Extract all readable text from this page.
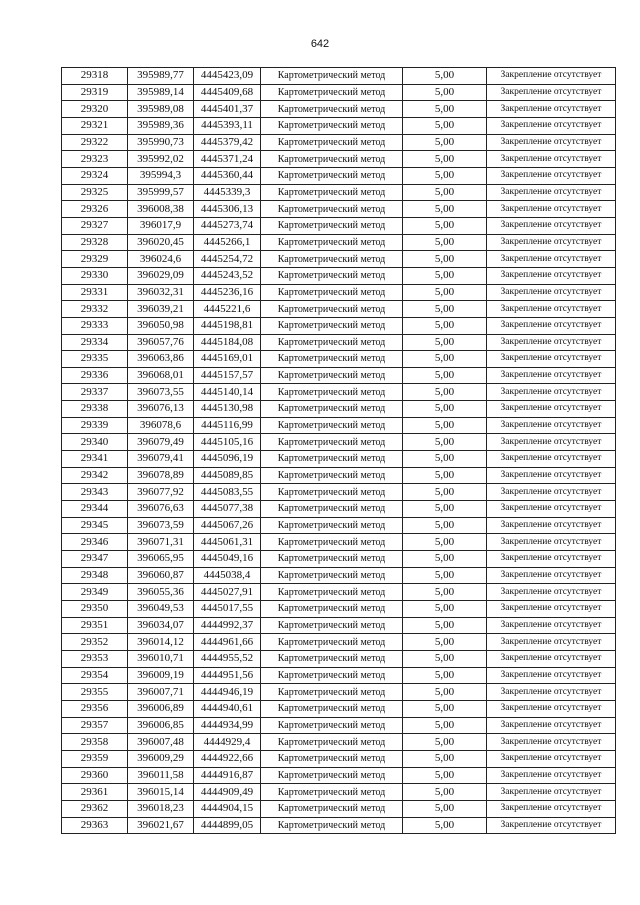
642
29318	395989,77	4445423,09	Картометрический метод	5,00	Закрепление отсутствует
29319	395989,14	4445409,68	Картометрический метод	5,00	Закрепление отсутствует
29320	395989,08	4445401,37	Картометрический метод	5,00	Закрепление отсутствует
29321	395989,36	4445393,11	Картометрический метод	5,00	Закрепление отсутствует
29322	395990,73	4445379,42	Картометрический метод	5,00	Закрепление отсутствует
29323	395992,02	4445371,24	Картометрический метод	5,00	Закрепление отсутствует
29324	395994,3	4445360,44	Картометрический метод	5,00	Закрепление отсутствует
29325	395999,57	4445339,3	Картометрический метод	5,00	Закрепление отсутствует
29326	396008,38	4445306,13	Картометрический метод	5,00	Закрепление отсутствует
29327	396017,9	4445273,74	Картометрический метод	5,00	Закрепление отсутствует
29328	396020,45	4445266,1	Картометрический метод	5,00	Закрепление отсутствует
29329	396024,6	4445254,72	Картометрический метод	5,00	Закрепление отсутствует
29330	396029,09	4445243,52	Картометрический метод	5,00	Закрепление отсутствует
29331	396032,31	4445236,16	Картометрический метод	5,00	Закрепление отсутствует
29332	396039,21	4445221,6	Картометрический метод	5,00	Закрепление отсутствует
29333	396050,98	4445198,81	Картометрический метод	5,00	Закрепление отсутствует
29334	396057,76	4445184,08	Картометрический метод	5,00	Закрепление отсутствует
29335	396063,86	4445169,01	Картометрический метод	5,00	Закрепление отсутствует
29336	396068,01	4445157,57	Картометрический метод	5,00	Закрепление отсутствует
29337	396073,55	4445140,14	Картометрический метод	5,00	Закрепление отсутствует
29338	396076,13	4445130,98	Картометрический метод	5,00	Закрепление отсутствует
29339	396078,6	4445116,99	Картометрический метод	5,00	Закрепление отсутствует
29340	396079,49	4445105,16	Картометрический метод	5,00	Закрепление отсутствует
29341	396079,41	4445096,19	Картометрический метод	5,00	Закрепление отсутствует
29342	396078,89	4445089,85	Картометрический метод	5,00	Закрепление отсутствует
29343	396077,92	4445083,55	Картометрический метод	5,00	Закрепление отсутствует
29344	396076,63	4445077,38	Картометрический метод	5,00	Закрепление отсутствует
29345	396073,59	4445067,26	Картометрический метод	5,00	Закрепление отсутствует
29346	396071,31	4445061,31	Картометрический метод	5,00	Закрепление отсутствует
29347	396065,95	4445049,16	Картометрический метод	5,00	Закрепление отсутствует
29348	396060,87	4445038,4	Картометрический метод	5,00	Закрепление отсутствует
29349	396055,36	4445027,91	Картометрический метод	5,00	Закрепление отсутствует
29350	396049,53	4445017,55	Картометрический метод	5,00	Закрепление отсутствует
29351	396034,07	4444992,37	Картометрический метод	5,00	Закрепление отсутствует
29352	396014,12	4444961,66	Картометрический метод	5,00	Закрепление отсутствует
29353	396010,71	4444955,52	Картометрический метод	5,00	Закрепление отсутствует
29354	396009,19	4444951,56	Картометрический метод	5,00	Закрепление отсутствует
29355	396007,71	4444946,19	Картометрический метод	5,00	Закрепление отсутствует
29356	396006,89	4444940,61	Картометрический метод	5,00	Закрепление отсутствует
29357	396006,85	4444934,99	Картометрический метод	5,00	Закрепление отсутствует
29358	396007,48	4444929,4	Картометрический метод	5,00	Закрепление отсутствует
29359	396009,29	4444922,66	Картометрический метод	5,00	Закрепление отсутствует
29360	396011,58	4444916,87	Картометрический метод	5,00	Закрепление отсутствует
29361	396015,14	4444909,49	Картометрический метод	5,00	Закрепление отсутствует
29362	396018,23	4444904,15	Картометрический метод	5,00	Закрепление отсутствует
29363	396021,67	4444899,05	Картометрический метод	5,00	Закрепление отсутствует
